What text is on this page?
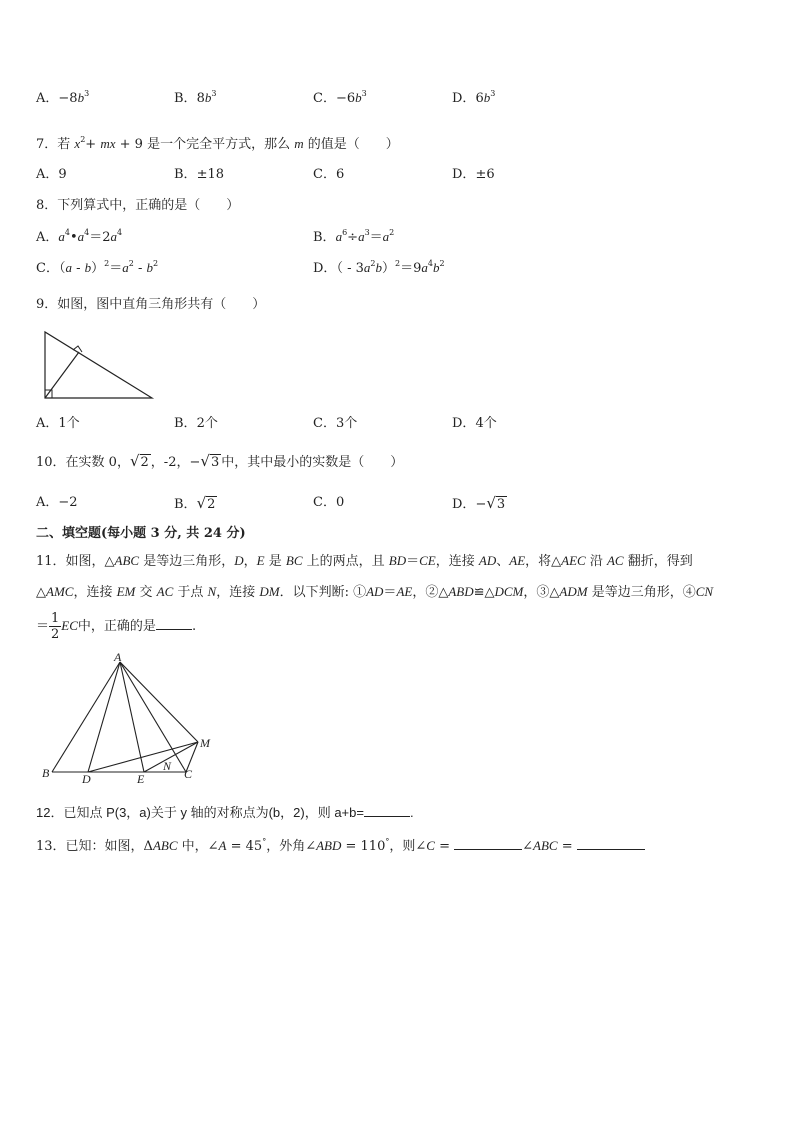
A．$-8b^3$	B．$8b^3$	C．$-6b^3$	D．$6b^3$
7．若 $x^2+$ mx + 9 是一个完全平方式，那么 m 的值是（　　）
A．9	B．±18	C．6	D．±6
8．下列算式中，正确的是（　　）
A．$a^4•a^4=2a^4$	B．$a^6\div a^3=a^2$
C．$(a - b)^2=a^2 - b^2$	D．（ - $3a^2b)^2=9a^4b^2$
9．如图，图中直角三角形共有（　　）
A．1个	B．2个	C．3个	D．4个
10．在实数 0，√2 ，-2，−√3 中，其中最小的实数是（　　）
A．−2	B．√2	C．0	D．−√3
二、填空题(每小题 3 分, 共 24 分)
11．如图，△ABC 是等边三角形，D，E 是 BC 上的两点，且 BD＝CE，连接 AD、AE，将△AEC 沿 AC 翻折，得到
△AMC，连接 EM 交 AC 于点 N，连接 DM．以下判断: ①AD＝AE，②△ABD≌△DCM，③△ADM 是等边三角形，④CN
＝ $\frac{1}{2}$ EC中，正确的是	.
A
B	D	E
N
C
M
12．已知点 P(3，a)关于 y 轴的对称点为(b，2)，则 a+b=	.
13．已知：如图，ΔABC 中，∠A = 45°，外角∠ABD = 110°，则∠C =	∠ABC =
